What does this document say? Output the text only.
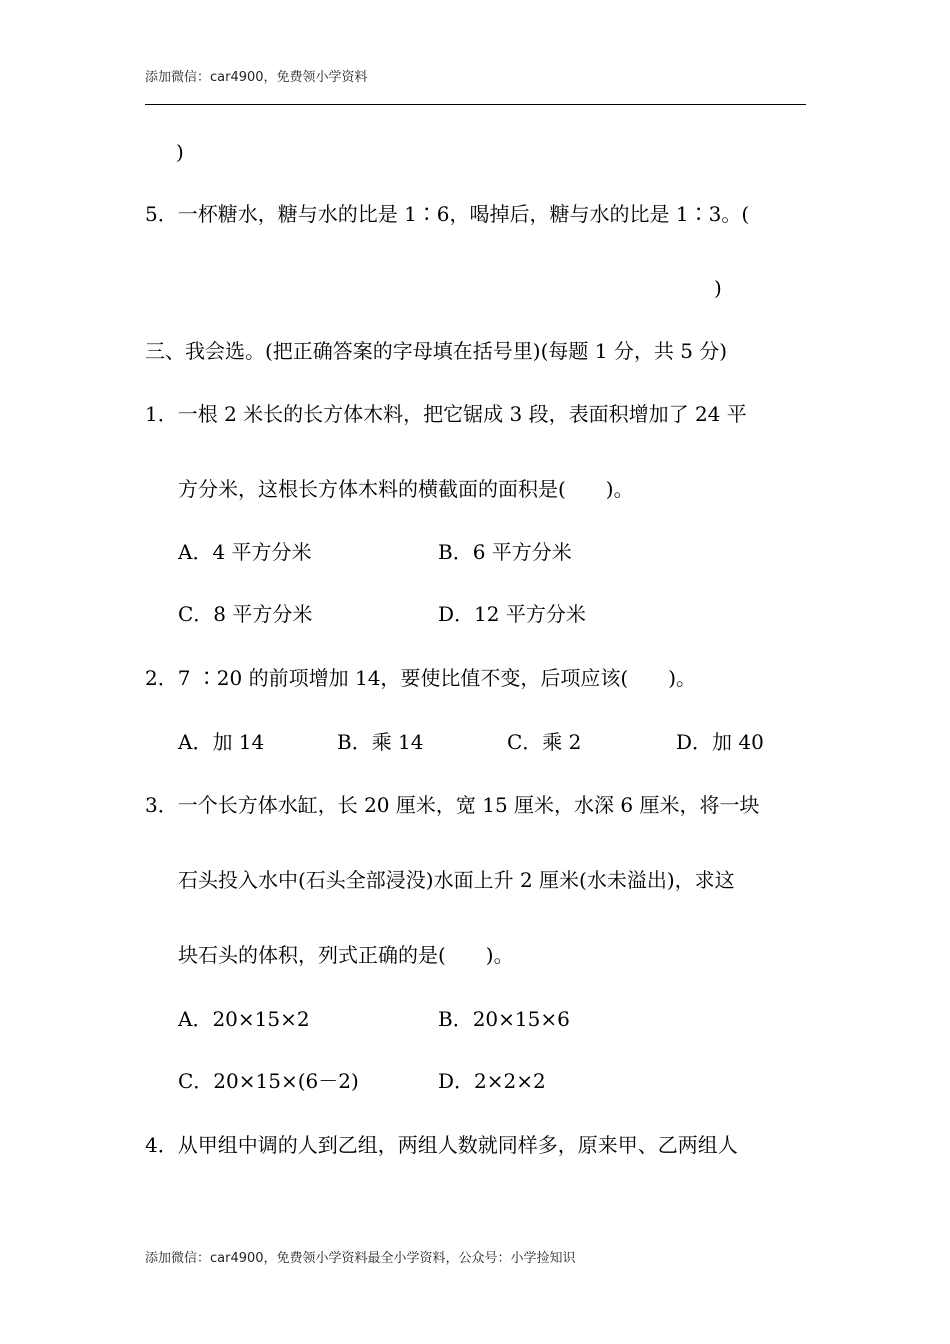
添加微信：car4900，免费领小学资料
)
5．一杯糖水，糖与水的比是 1∶6，喝掉后，糖与水的比是 1∶3。(
)
三、我会选。(把正确答案的字母填在括号里)(每题 1 分，共 5 分)
1．一根 2 米长的长方体木料，把它锯成 3 段，表面积增加了 24 平
方分米，这根长方体木料的横截面的面积是(　　)。
A．4 平方分米	B．6 平方分米
C．8 平方分米	D．12 平方分米
2．7 ∶20 的前项增加 14，要使比值不变，后项应该(　　)。
A．加 14	B．乘 14	C．乘 2	D．加 40
3．一个长方体水缸，长 20 厘米，宽 15 厘米，水深 6 厘米，将一块
石头投入水中(石头全部浸没)水面上升 2 厘米(水未溢出)，求这
块石头的体积，列式正确的是(　　)。
A．20×15×2	B．20×15×6
C．20×15×(6－2)	D．2×2×2
4．从甲组中调的人到乙组，两组人数就同样多，原来甲、乙两组人
添加微信：car4900，免费领小学资料最全小学资料，公众号：小学捡知识
